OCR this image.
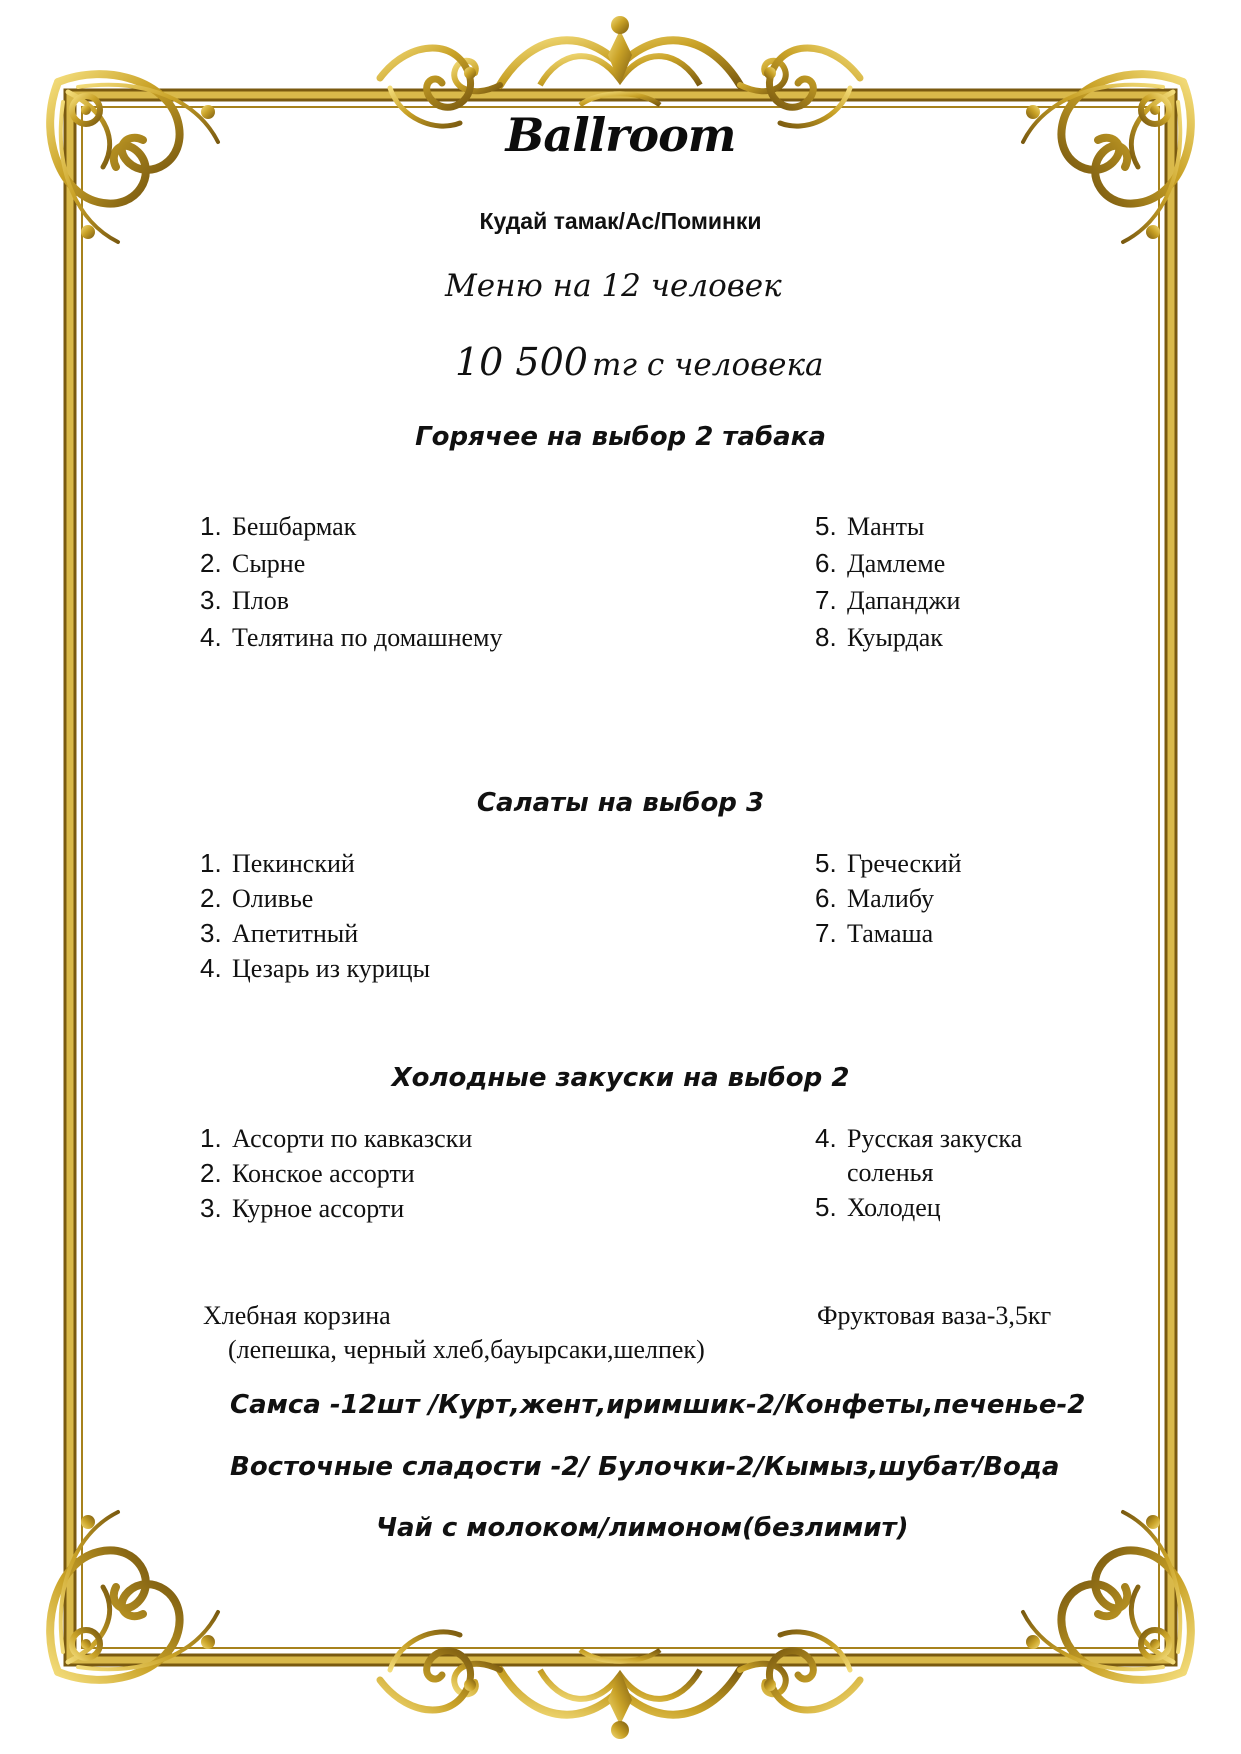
Ballroom
Кудай тамак/Ас/Поминки
Меню на 12 человек
10 500 тг с человека
Горячее на выбор 2 табака
1. Бешбармак
2. Сырне
3. Плов
4. Телятина по домашнему
5. Манты
6. Дамлеме
7. Дапанджи
8. Куырдак
Салаты на выбор 3
1. Пекинский
2. Оливье
3. Апетитный
4. Цезарь из курицы
5. Греческий
6. Малибу
7. Тамаша
Холодные закуски на выбор 2
1. Ассорти по кавказски
2. Конское ассорти
3. Курное ассорти
4. Русская закуска
соленья
5. Холодец
Хлебная корзина
(лепешка, черный хлеб,бауырсаки,шелпек)
Фруктовая ваза-3,5кг
Самса -12шт /Курт,жент,иримшик-2/Конфеты,печенье-2
Восточные сладости -2/ Булочки-2/Кымыз,шубат/Вода
Чай с молоком/лимоном(безлимит)
